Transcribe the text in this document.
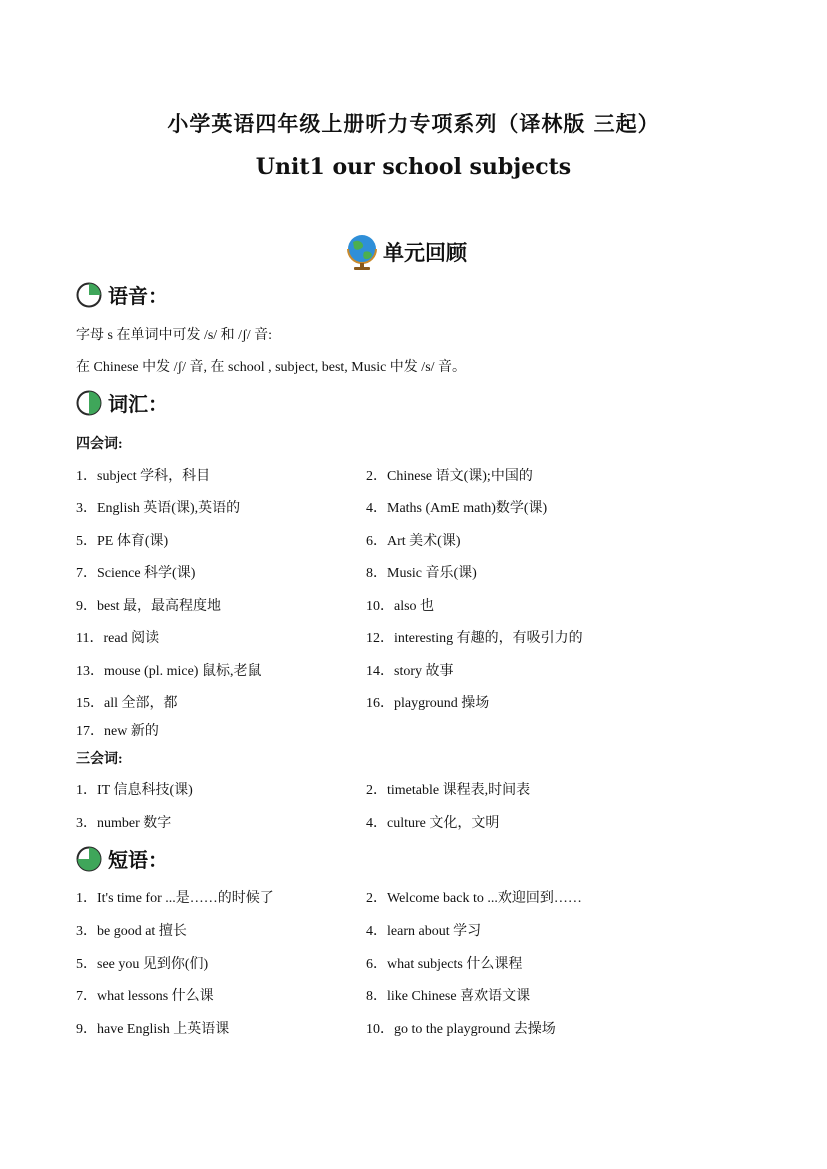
小学英语四年级上册听力专项系列（译林版 三起）
Unit1 our school subjects
单元回顾
语音：
字母 s 在单词中可发 /s/ 和 /ʃ/ 音:
在 Chinese 中发 /ʃ/ 音, 在 school , subject, best, Music 中发 /s/ 音。
词汇：
四会词:
1．subject 学科，科目	2．Chinese 语文(课);中国的
3．English 英语(课),英语的	4．Maths (AmE math)数学(课)
5．PE 体育(课)	6．Art 美术(课)
7．Science 科学(课)	8．Music 音乐(课)
9．best 最，最高程度地	10．also 也
11．read 阅读	12．interesting 有趣的，有吸引力的
13．mouse (pl. mice) 鼠标,老鼠	14．story 故事
15．all 全部，都	16．playground 操场
17．new 新的
三会词:
1．IT 信息科技(课)	2．timetable 课程表,时间表
3．number 数字	4．culture 文化，文明
短语：
1．It's time for ...是……的时候了	2．Welcome back to ...欢迎回到……
3．be good at 擅长	4．learn about 学习
5．see you 见到你(们)	6．what subjects 什么课程
7．what lessons 什么课	8．like Chinese 喜欢语文课
9．have English 上英语课	10．go to the playground 去操场
